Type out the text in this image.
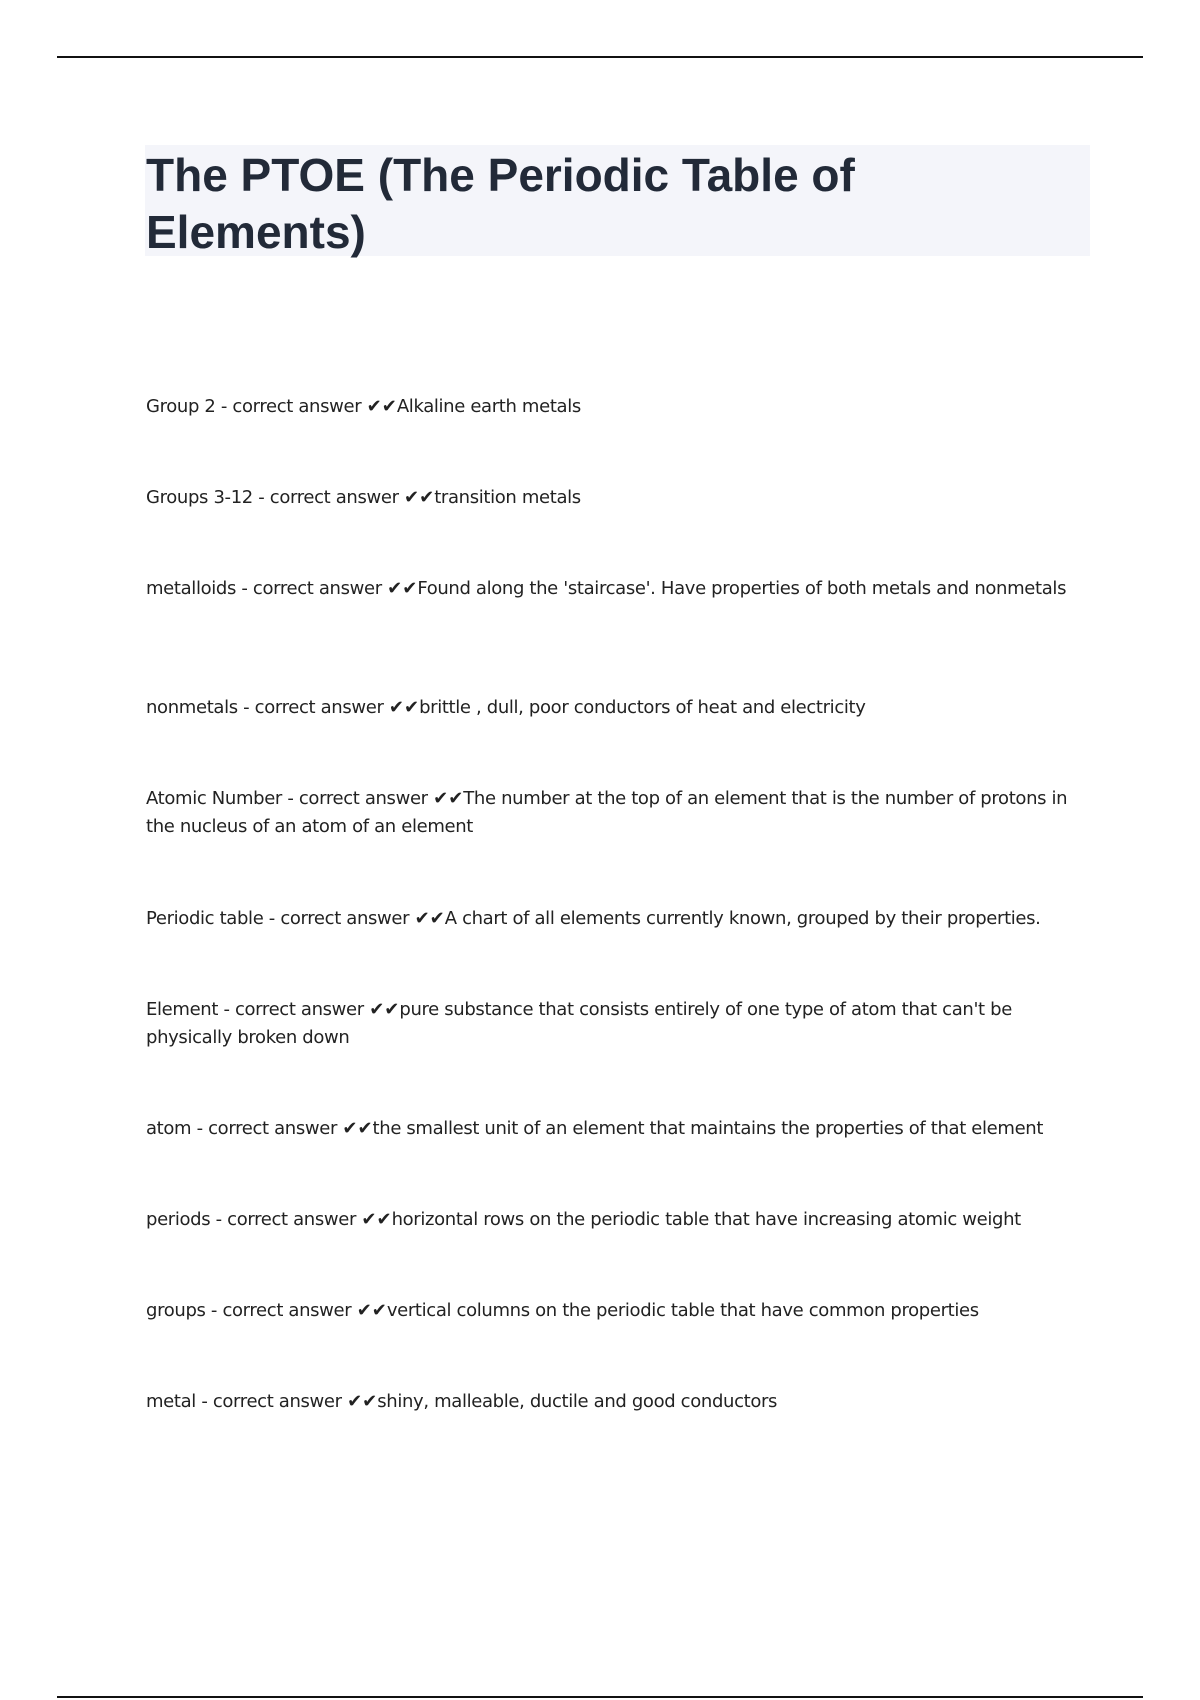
The PTOE (The Periodic Table of Elements)

Group 2 - correct answer ✔✔Alkaline earth metals

Groups 3-12 - correct answer ✔✔transition metals

metalloids - correct answer ✔✔Found along the 'staircase'. Have properties of both metals and nonmetals

nonmetals - correct answer ✔✔brittle , dull, poor conductors of heat and electricity

Atomic Number - correct answer ✔✔The number at the top of an element that is the number of protons in the nucleus of an atom of an element

Periodic table - correct answer ✔✔A chart of all elements currently known, grouped by their properties.

Element - correct answer ✔✔pure substance that consists entirely of one type of atom that can't be physically broken down

atom - correct answer ✔✔the smallest unit of an element that maintains the properties of that element

periods - correct answer ✔✔horizontal rows on the periodic table that have increasing atomic weight

groups - correct answer ✔✔vertical columns on the periodic table that have common properties

metal - correct answer ✔✔shiny, malleable, ductile and good conductors
